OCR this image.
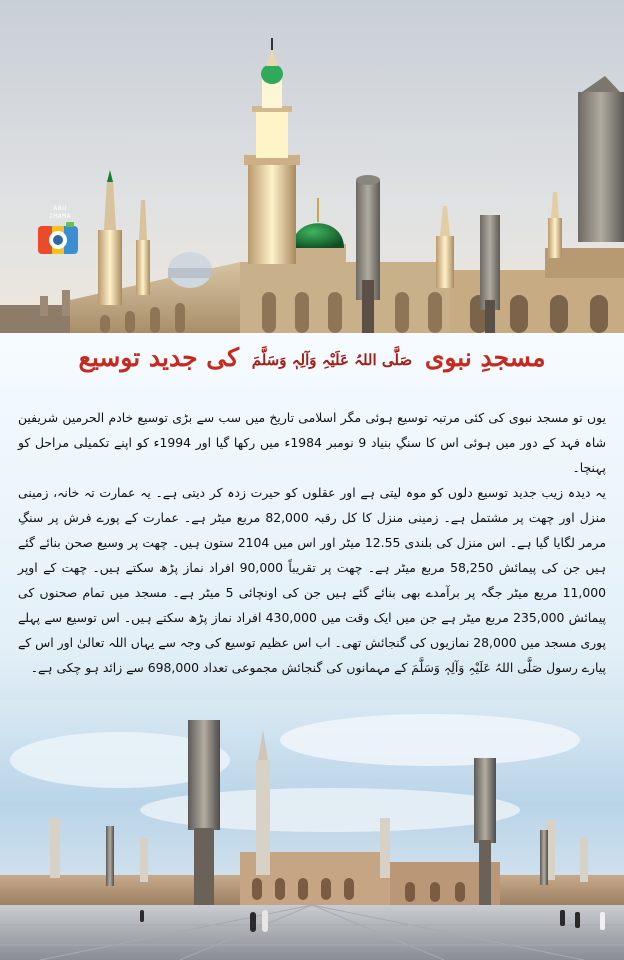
ABU
IMAMA
مسجدِ نبوی صَلَّی اللہُ عَلَیْہِ وَآلِہٖ وَسَلَّمَ کی جدید توسیع
یوں تو مسجد نبوی کی کئی مرتبہ توسیع ہوئی مگر اسلامی تاریخ میں سب سے بڑی توسیع خادم الحرمین شریفین شاہ فہد کے دور میں ہوئی اس کا سنگِ بنیاد 9 نومبر 1984ء میں رکھا گیا اور 1994ء کو اپنے تکمیلی مراحل کو پہنچا۔
یہ دیدہ زیب جدید توسیع دلوں کو موہ لیتی ہے اور عقلوں کو حیرت زدہ کر دیتی ہے۔ یہ عمارت تہ خانہ، زمینی منزل اور چھت پر مشتمل ہے۔ زمینی منزل کا کل رقبہ 82,000 مربع میٹر ہے۔ عمارت کے پورے فرش پر سنگِ مرمر لگایا گیا ہے۔ اس منزل کی بلندی 12.55 میٹر اور اس میں 2104 ستون ہیں۔ چھت پر وسیع صحن بنائے گئے ہیں جن کی پیمائش 58,250 مربع میٹر ہے۔ چھت پر تقریباً 90,000 افراد نماز پڑھ سکتے ہیں۔ چھت کے اوپر 11,000 مربع میٹر جگہ پر برآمدے بھی بنائے گئے ہیں جن کی اونچائی 5 میٹر ہے۔ مسجد میں تمام صحنوں کی پیمائش 235,000 مربع میٹر ہے جن میں ایک وقت میں 430,000 افراد نماز پڑھ سکتے ہیں۔ اس توسیع سے پہلے پوری مسجد میں 28,000 نمازیوں کی گنجائش تھی۔ اب اس عظیم توسیع کی وجہ سے یہاں اللہ تعالیٰ اور اس کے پیارے رسول صَلَّی اللہُ عَلَیْہِ وَآلِہٖ وَسَلَّمَ کے مہمانوں کی گنجائش مجموعی تعداد 698,000 سے زائد ہو چکی ہے۔
